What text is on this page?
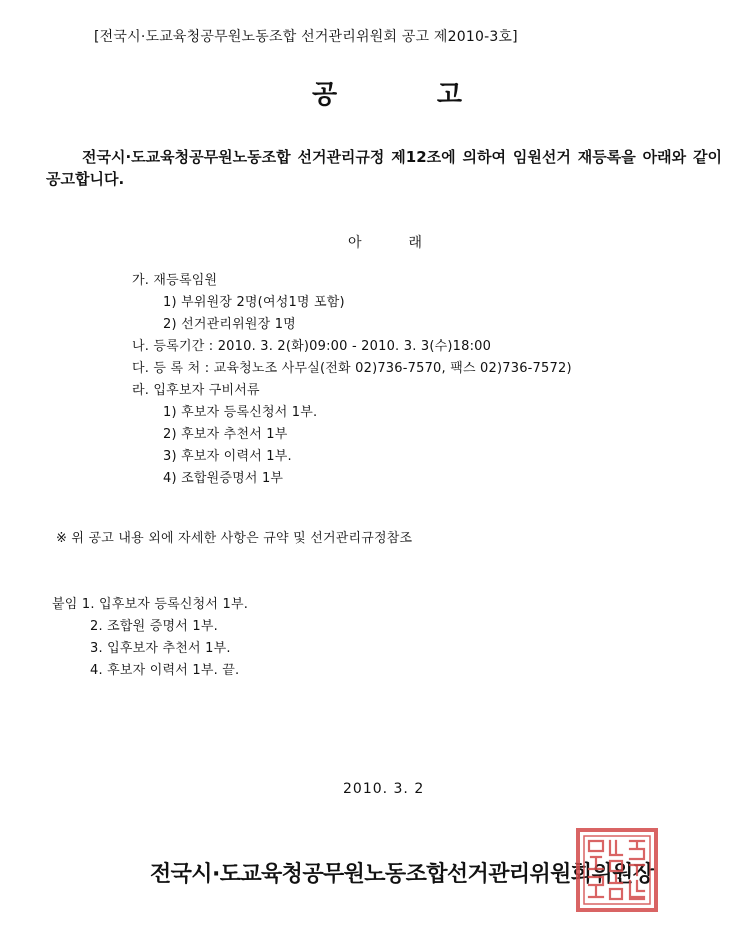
[전국시·도교육청공무원노동조합 선거관리위원회 공고 제2010-3호]
공	고
전국시·도교육청공무원노동조합 선거관리규정 제12조에 의하여 임원선거 재등록을 아래와 같이 공고합니다.
아	래
가. 재등록임원
1) 부위원장 2명(여성1명 포함)
2) 선거관리위원장 1명
나. 등록기간 : 2010. 3. 2(화)09:00 - 2010. 3. 3(수)18:00
다. 등 록 처 : 교육청노조 사무실(전화 02)736-7570, 팩스 02)736-7572)
라. 입후보자 구비서류
1) 후보자 등록신청서 1부.
2) 후보자 추천서 1부
3) 후보자 이력서 1부.
4) 조합원증명서 1부
※ 위 공고 내용 외에 자세한 사항은 규약 및 선거관리규정참조
붙임 1. 입후보자 등록신청서 1부.
2. 조합원 증명서 1부.
3. 입후보자 추천서 1부.
4. 후보자 이력서 1부. 끝.
2010. 3. 2
전국시·도교육청공무원노동조합선거관리위원회위원장
